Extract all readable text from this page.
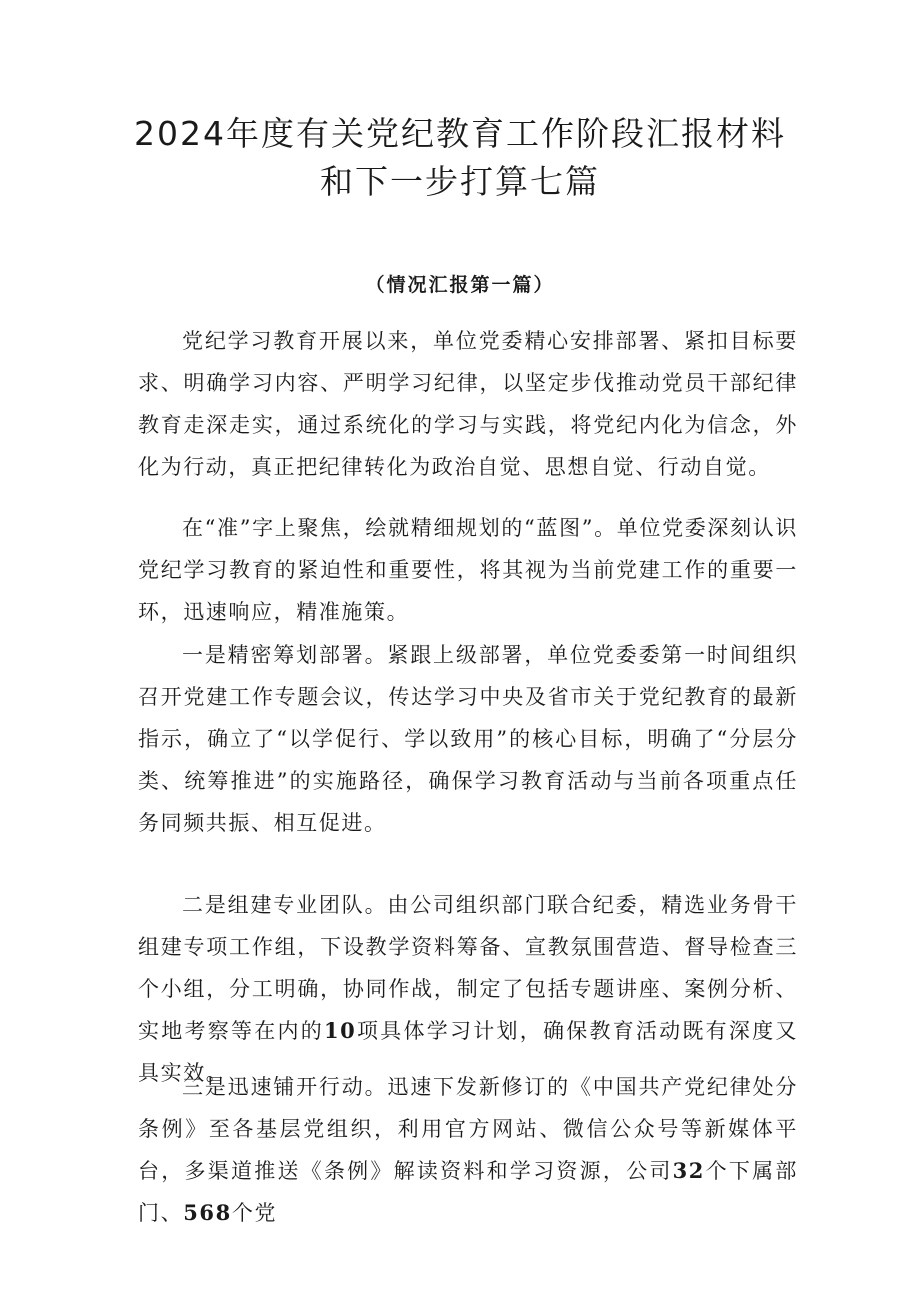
2024年度有关党纪教育工作阶段汇报材料
和下一步打算七篇
（情况汇报第一篇）

党纪学习教育开展以来，单位党委精心安排部署、紧扣目标要求、明确学习内容、严明学习纪律，以坚定步伐推动党员干部纪律教育走深走实，通过系统化的学习与实践，将党纪内化为信念，外化为行动，真正把纪律转化为政治自觉、思想自觉、行动自觉。

在“准”字上聚焦，绘就精细规划的“蓝图”。单位党委深刻认识党纪学习教育的紧迫性和重要性，将其视为当前党建工作的重要一环，迅速响应，精准施策。

一是精密筹划部署。紧跟上级部署，单位党委委第一时间组织召开党建工作专题会议，传达学习中央及省市关于党纪教育的最新指示，确立了“以学促行、学以致用”的核心目标，明确了“分层分类、统筹推进”的实施路径，确保学习教育活动与当前各项重点任务同频共振、相互促进。

二是组建专业团队。由公司组织部门联合纪委，精选业务骨干组建专项工作组，下设教学资料筹备、宣教氛围营造、督导检查三个小组，分工明确，协同作战，制定了包括专题讲座、案例分析、实地考察等在内的10项具体学习计划，确保教育活动既有深度又具实效。

三是迅速铺开行动。迅速下发新修订的《中国共产党纪律处分条例》至各基层党组织，利用官方网站、微信公众号等新媒体平台，多渠道推送《条例》解读资料和学习资源，公司32个下属部门、568个党
